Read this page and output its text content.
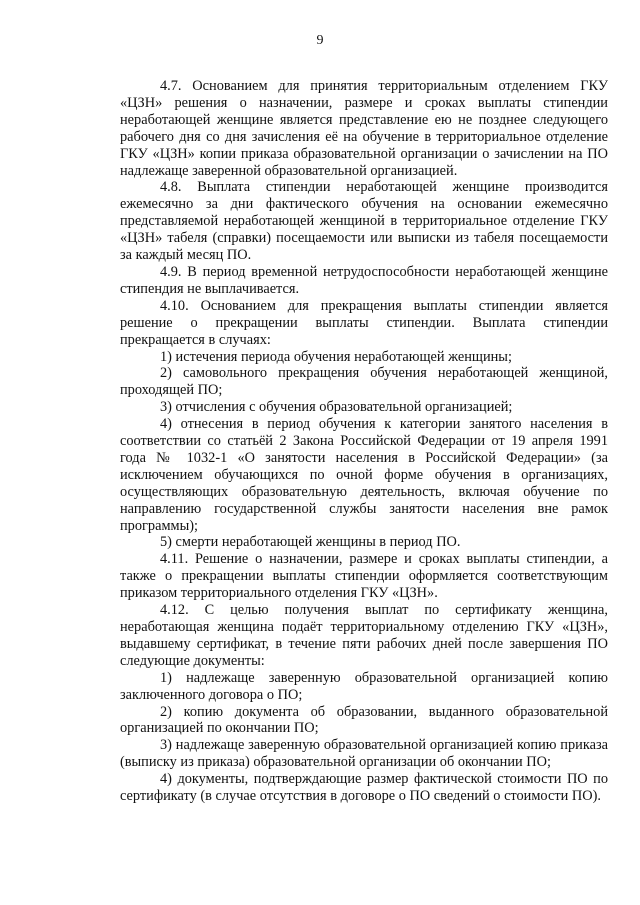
9

4.7. Основанием для принятия территориальным отделением ГКУ «ЦЗН» решения о назначении, размере и сроках выплаты стипендии неработающей женщине является представление ею не позднее следующего рабочего дня со дня зачисления её на обучение в территориальное отделение ГКУ «ЦЗН» копии приказа образовательной организации о зачислении на ПО надлежаще заверенной образовательной организацией.

4.8. Выплата стипендии неработающей женщине производится ежемесячно за дни фактического обучения на основании ежемесячно представляемой неработающей женщиной в территориальное отделение ГКУ «ЦЗН» табеля (справки) посещаемости или выписки из табеля посещаемости за каждый месяц ПО.

4.9. В период временной нетрудоспособности неработающей женщине стипендия не выплачивается.

4.10. Основанием для прекращения выплаты стипендии является решение о прекращении выплаты стипендии. Выплата стипендии прекращается в случаях:

1) истечения периода обучения неработающей женщины;

2) самовольного прекращения обучения неработающей женщиной, проходящей ПО;

3) отчисления с обучения образовательной организацией;

4) отнесения в период обучения к категории занятого населения в соответствии со статьёй 2 Закона Российской Федерации от 19 апреля 1991 года № 1032-1 «О занятости населения в Российской Федерации» (за исключением обучающихся по очной форме обучения в организациях, осуществляющих образовательную деятельность, включая обучение по направлению государственной службы занятости населения вне рамок программы);

5) смерти неработающей женщины в период ПО.

4.11. Решение о назначении, размере и сроках выплаты стипендии, а также о прекращении выплаты стипендии оформляется соответствующим приказом территориального отделения ГКУ «ЦЗН».

4.12. С целью получения выплат по сертификату женщина, неработающая женщина подаёт территориальному отделению ГКУ «ЦЗН», выдавшему сертификат, в течение пяти рабочих дней после завершения ПО следующие документы:

1) надлежаще заверенную образовательной организацией копию заключенного договора о ПО;

2) копию документа об образовании, выданного образовательной организацией по окончании ПО;

3) надлежаще заверенную образовательной организацией копию приказа (выписку из приказа) образовательной организации об окончании ПО;

4) документы, подтверждающие размер фактической стоимости ПО по сертификату (в случае отсутствия в договоре о ПО сведений о стоимости ПО).
